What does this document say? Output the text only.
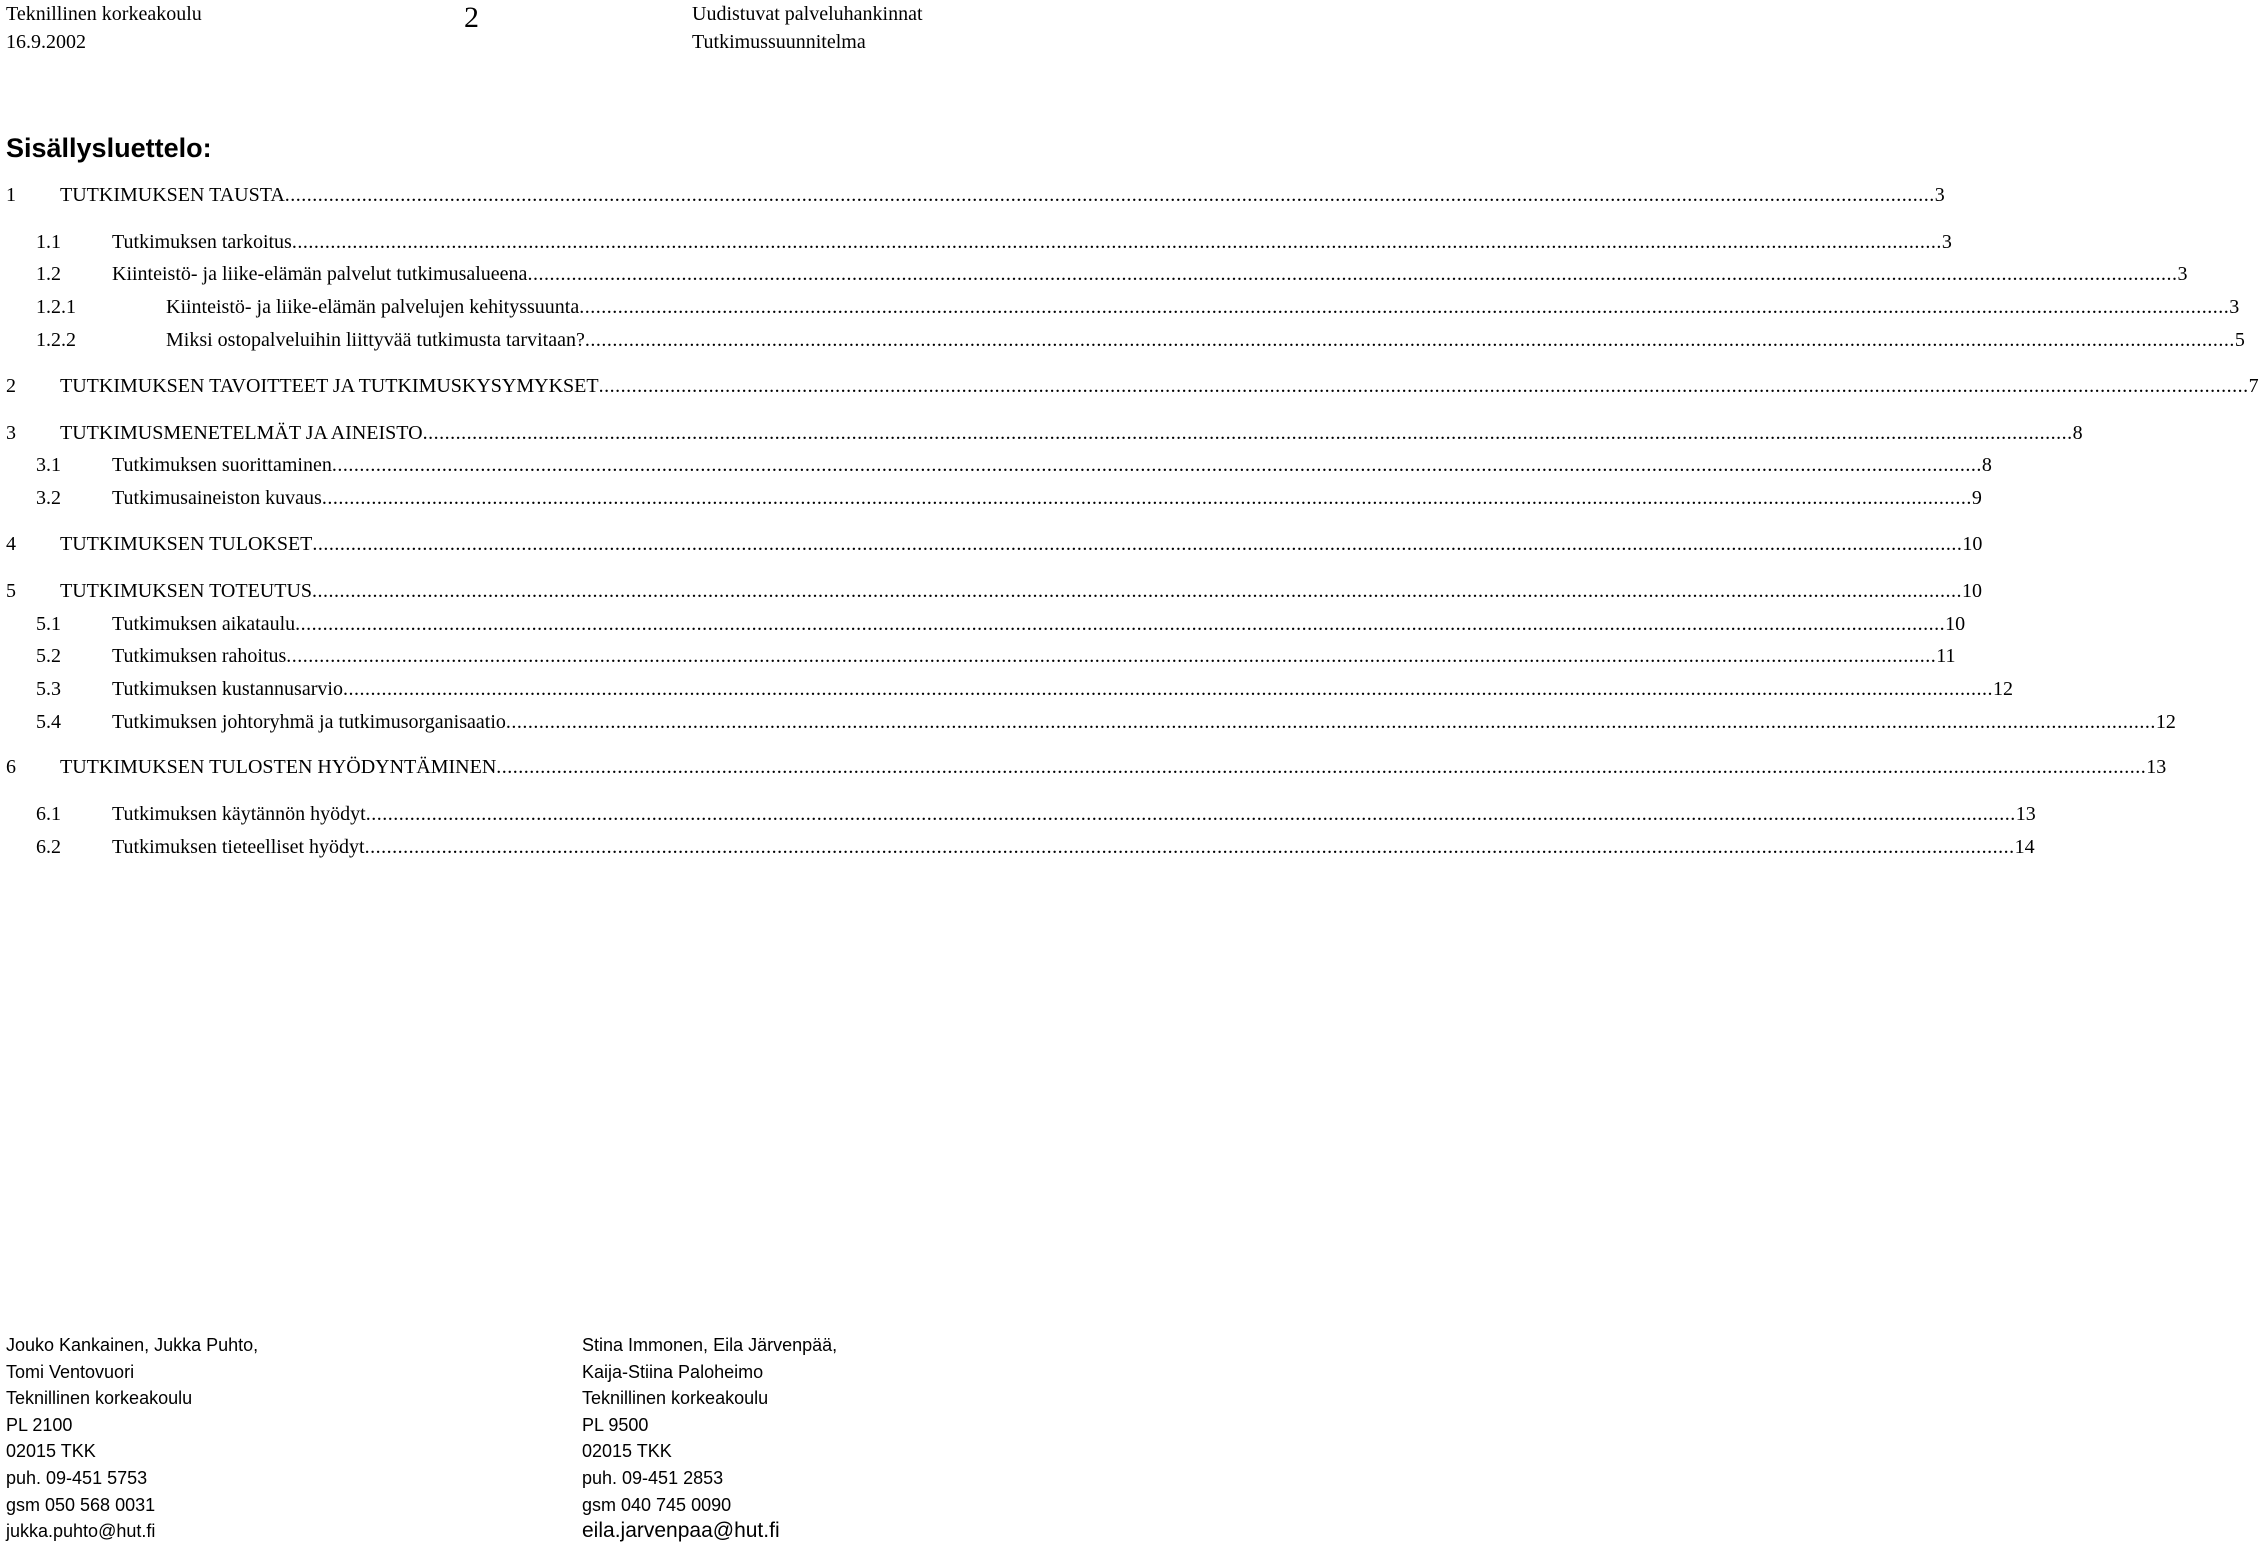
Teknillinen korkeakoulu
16.9.2002
2	Uudistuvat palveluhankinnat
Tutkimussuunnitelma
Sisällysluettelo:
1	TUTKIMUKSEN TAUSTA ............................................................................................................................................................................................................................................................................................................ 3
1.1	Tutkimuksen tarkoitus ............................................................................................................................................................................................................................................................................................................ 3
1.2	Kiinteistö- ja liike-elämän palvelut tutkimusalueena ............................................................................................................................................................................................................................................................................................................ 3
1.2.1	Kiinteistö- ja liike-elämän palvelujen kehityssuunta ............................................................................................................................................................................................................................................................................................................ 3
1.2.2	Miksi ostopalveluihin liittyvää tutkimusta tarvitaan? ............................................................................................................................................................................................................................................................................................................ 5
2	TUTKIMUKSEN TAVOITTEET JA TUTKIMUSKYSYMYKSET ............................................................................................................................................................................................................................................................................................................ 7
3	TUTKIMUSMENETELMÄT JA AINEISTO ............................................................................................................................................................................................................................................................................................................ 8
3.1	Tutkimuksen suorittaminen ............................................................................................................................................................................................................................................................................................................ 8
3.2	Tutkimusaineiston kuvaus ............................................................................................................................................................................................................................................................................................................ 9
4	TUTKIMUKSEN TULOKSET ............................................................................................................................................................................................................................................................................................................ 10
5	TUTKIMUKSEN TOTEUTUS ............................................................................................................................................................................................................................................................................................................ 10
5.1	Tutkimuksen aikataulu ............................................................................................................................................................................................................................................................................................................ 10
5.2	Tutkimuksen rahoitus ............................................................................................................................................................................................................................................................................................................ 11
5.3	Tutkimuksen kustannusarvio ............................................................................................................................................................................................................................................................................................................ 12
5.4	Tutkimuksen johtoryhmä ja tutkimusorganisaatio ............................................................................................................................................................................................................................................................................................................ 12
6	TUTKIMUKSEN TULOSTEN HYÖDYNTÄMINEN ............................................................................................................................................................................................................................................................................................................ 13
6.1	Tutkimuksen käytännön hyödyt ............................................................................................................................................................................................................................................................................................................ 13
6.2	Tutkimuksen tieteelliset hyödyt ............................................................................................................................................................................................................................................................................................................ 14
Jouko Kankainen, Jukka Puhto,
Tomi Ventovuori
Teknillinen korkeakoulu
PL 2100
02015 TKK
puh. 09-451 5753
gsm 050 568 0031
jukka.puhto@hut.fi
Stina Immonen, Eila Järvenpää,
Kaija-Stiina Paloheimo
Teknillinen korkeakoulu
PL 9500
02015 TKK
puh. 09-451 2853
gsm 040 745 0090
eila.jarvenpaa@hut.fi
